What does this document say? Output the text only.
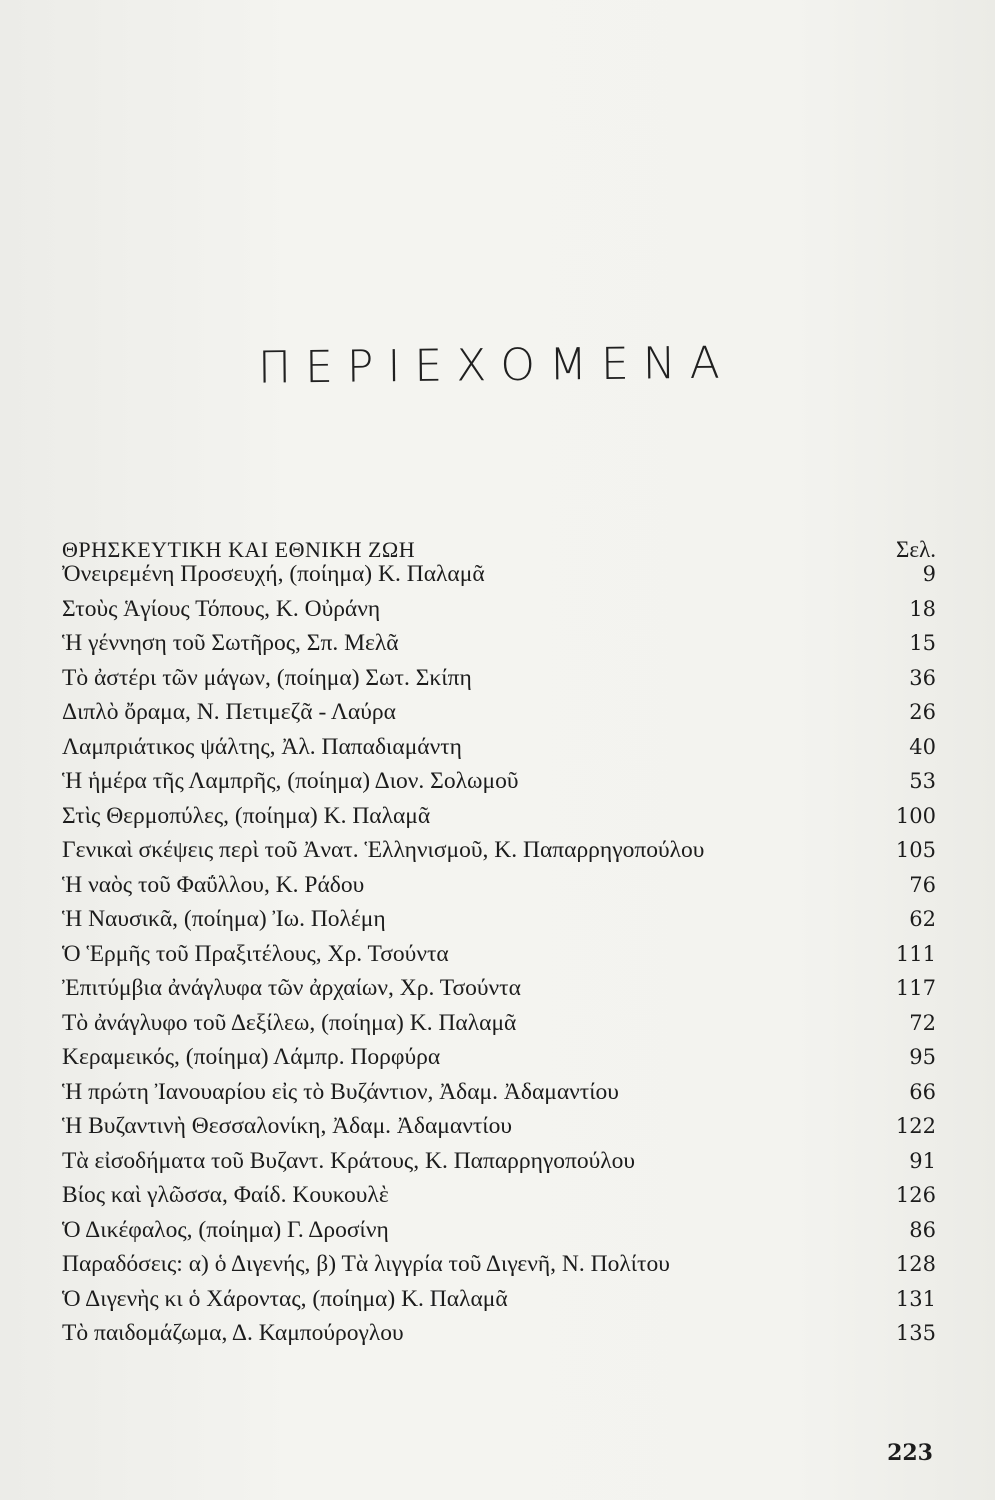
ΠΕΡΙΕΧΟΜΕΝΑ
ΘΡΗΣΚΕΥΤΙΚΗ ΚΑΙ ΕΘΝΙΚΗ ΖΩΗ	Σελ.
Ὀνειρεμένη Προσευχή, (ποίημα) Κ. Παλαμᾶ	9
Στοὺς Ἁγίους Τόπους, Κ. Οὐράνη	18
Ἡ γέννηση τοῦ Σωτῆρος, Σπ. Μελᾶ	15
Τὸ ἀστέρι τῶν μάγων, (ποίημα) Σωτ. Σκίπη	36
Διπλὸ ὄραμα, Ν. Πετιμεζᾶ - Λαύρα	26
Λαμπριάτικος ψάλτης, Ἀλ. Παπαδιαμάντη	40
Ἡ ἡμέρα τῆς Λαμπρῆς, (ποίημα) Διον. Σολωμοῦ	53
Στὶς Θερμοπύλες, (ποίημα) Κ. Παλαμᾶ	100
Γενικαὶ σκέψεις περὶ τοῦ Ἀνατ. Ἑλληνισμοῦ, Κ. Παπαρρηγοπούλου	105
Ἡ ναὸς τοῦ Φαΰλλου, Κ. Ράδου	76
Ἡ Ναυσικᾶ, (ποίημα) Ἰω. Πολέμη	62
Ὁ Ἑρμῆς τοῦ Πραξιτέλους, Χρ. Τσούντα	111
Ἐπιτύμβια ἀνάγλυφα τῶν ἀρχαίων, Χρ. Τσούντα	117
Τὸ ἀνάγλυφο τοῦ Δεξίλεω, (ποίημα) Κ. Παλαμᾶ	72
Κεραμεικός, (ποίημα) Λάμπρ. Πορφύρα	95
Ἡ πρώτη Ἰανουαρίου εἰς τὸ Βυζάντιον, Ἀδαμ. Ἀδαμαντίου	66
Ἡ Βυζαντινὴ Θεσσαλονίκη, Ἀδαμ. Ἀδαμαντίου	122
Τὰ εἰσοδήματα τοῦ Βυζαντ. Κράτους, Κ. Παπαρρηγοπούλου	91
Βίος καὶ γλῶσσα, Φαίδ. Κουκουλὲ	126
Ὁ Δικέφαλος, (ποίημα) Γ. Δροσίνη	86
Παραδόσεις: α) ὁ Διγενής, β) Τὰ λιγγρία τοῦ Διγενῆ, Ν. Πολίτου	128
Ὁ Διγενὴς κι ὁ Χάροντας, (ποίημα) Κ. Παλαμᾶ	131
Τὸ παιδομάζωμα, Δ. Καμπούρογλου	135
223
